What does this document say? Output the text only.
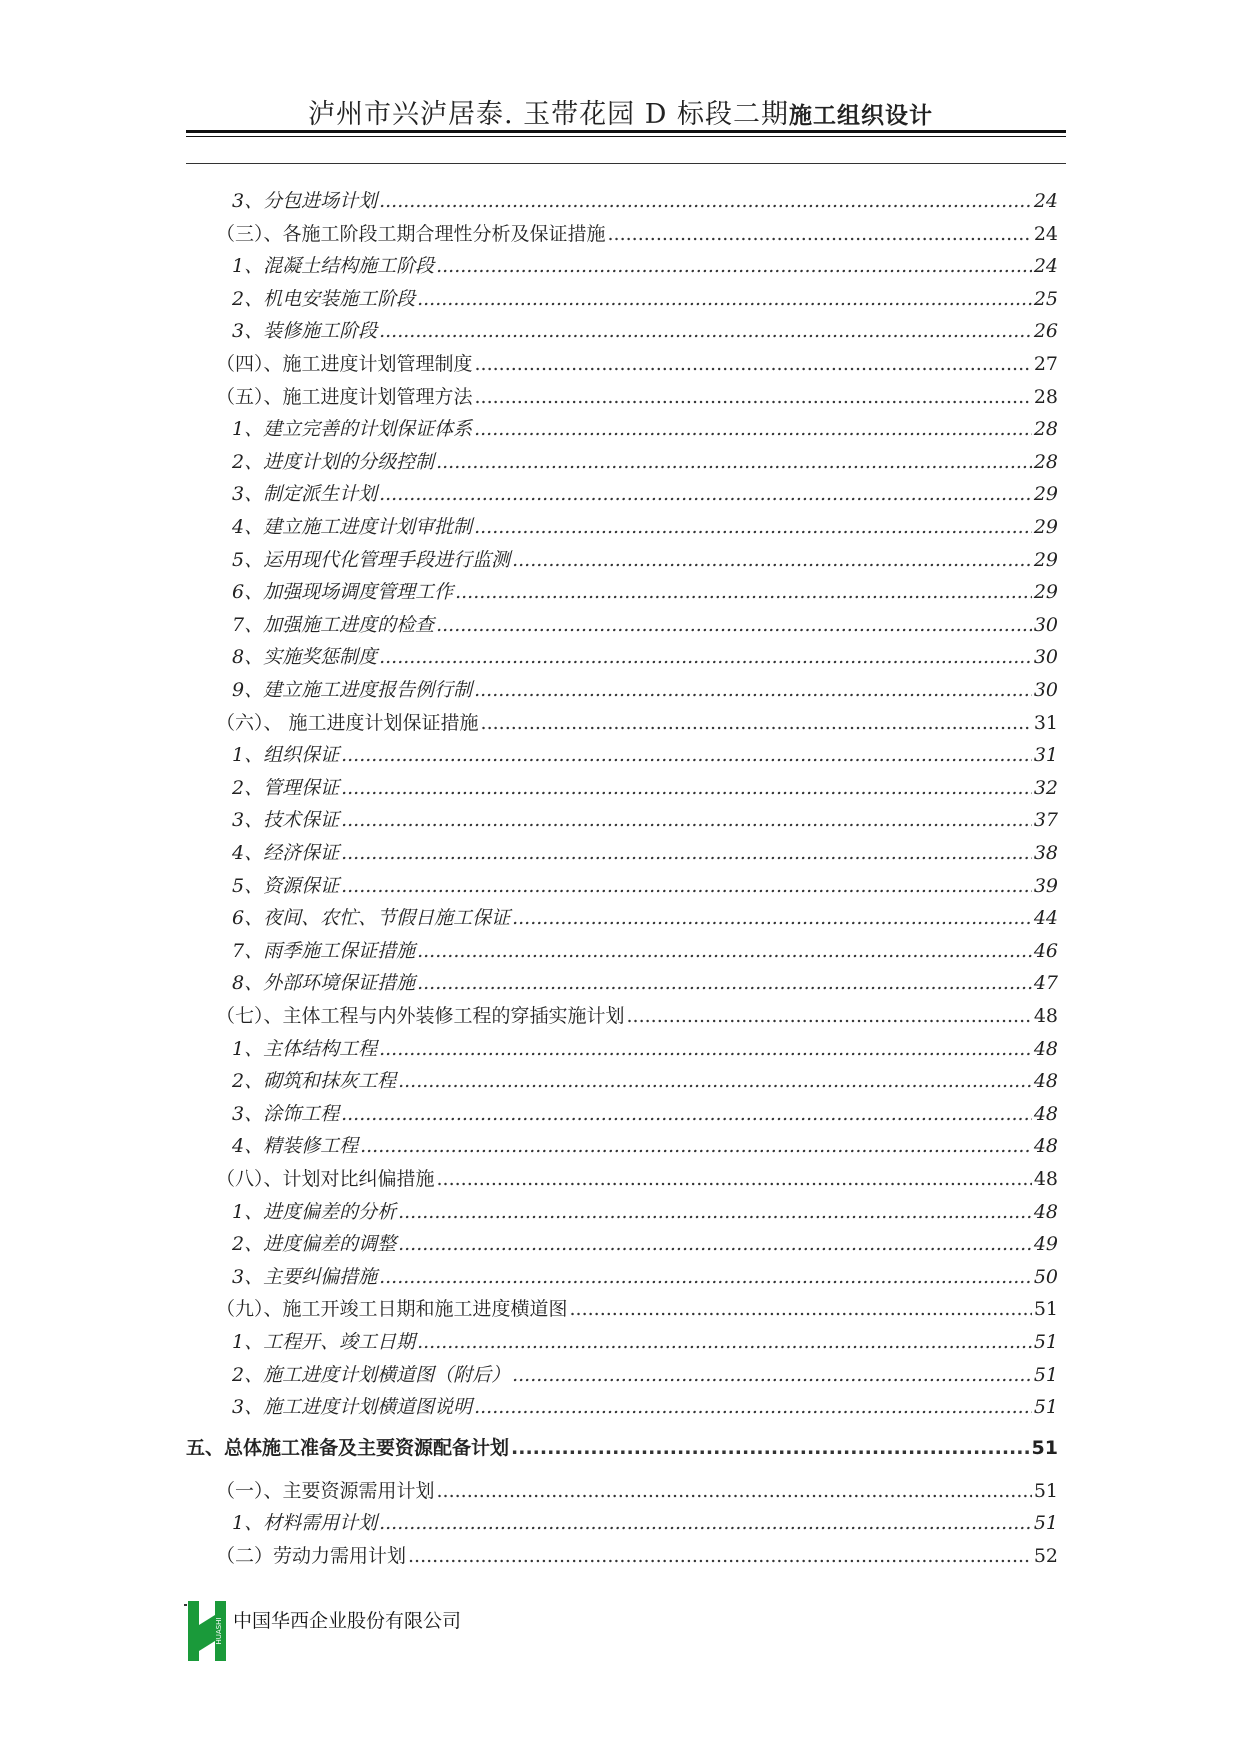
泸州市兴泸居泰. 玉带花园 D 标段二期施工组织设计
3、分包进场计划 .....	24
（三）、各施工阶段工期合理性分析及保证措施 .....	24
1、混凝土结构施工阶段 .....	24
2、机电安装施工阶段 .....	25
3、装修施工阶段 .....	26
（四）、施工进度计划管理制度 .....	27
（五）、施工进度计划管理方法 .....	28
1、建立完善的计划保证体系 .....	28
2、进度计划的分级控制 .....	28
3、制定派生计划 .....	29
4、建立施工进度计划审批制 .....	29
5、运用现代化管理手段进行监测 .....	29
6、加强现场调度管理工作 .....	29
7、加强施工进度的检查 .....	30
8、实施奖惩制度 .....	30
9、建立施工进度报告例行制 .....	30
（六）、 施工进度计划保证措施 .....	31
1、组织保证 .....	31
2、管理保证 .....	32
3、技术保证 .....	37
4、经济保证 .....	38
5、资源保证 .....	39
6、夜间、农忙、节假日施工保证 .....	44
7、雨季施工保证措施 .....	46
8、外部环境保证措施 .....	47
（七）、主体工程与内外装修工程的穿插实施计划 .....	48
1、主体结构工程 .....	48
2、砌筑和抹灰工程 .....	48
3、涂饰工程 .....	48
4、精装修工程 .....	48
（八）、计划对比纠偏措施 .....	48
1、进度偏差的分析 .....	48
2、进度偏差的调整 .....	49
3、主要纠偏措施 .....	50
（九）、施工开竣工日期和施工进度横道图 .....	51
1、工程开、竣工日期 .....	51
2、施工进度计划横道图（附后） .....	51
3、施工进度计划横道图说明 .....	51
五、总体施工准备及主要资源配备计划 .....	51
（一）、主要资源需用计划 .....	51
1、材料需用计划 .....	51
（二）劳动力需用计划 .....	52
HUASHI 中国华西企业股份有限公司
